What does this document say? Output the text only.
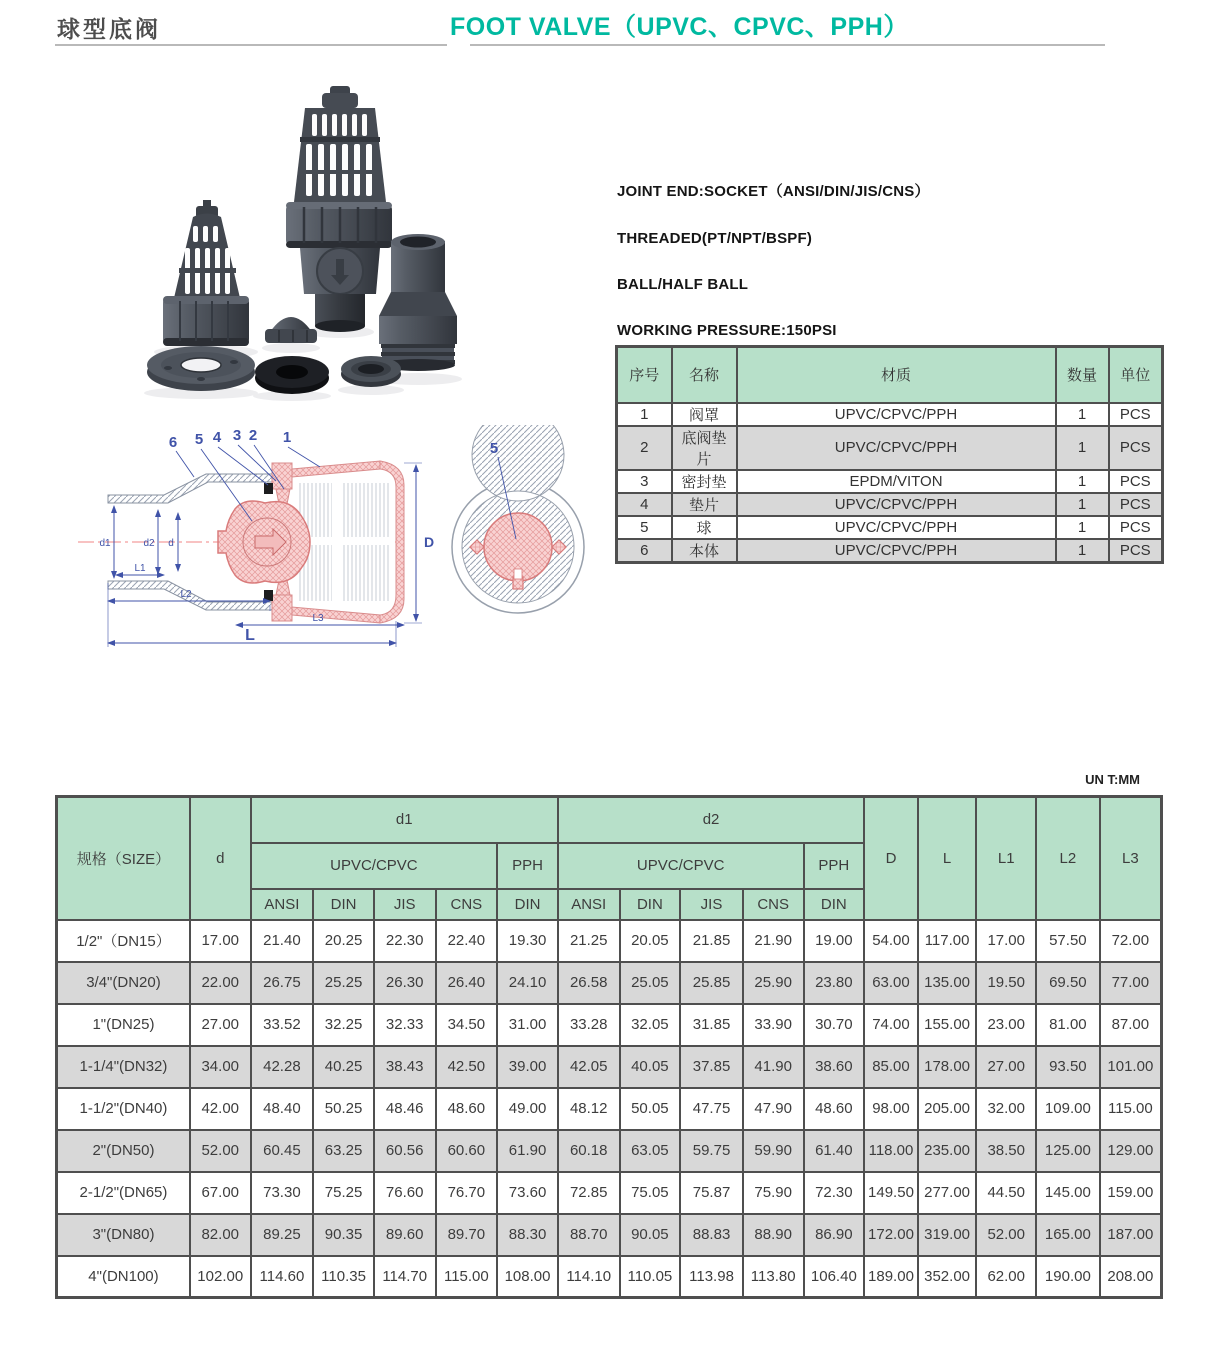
球型底阀	FOOT VALVE（UPVC、CPVC、PPH）
6 5 4 3 2 1
d1	d2 d
L1
L2
L3
L
D
5
JOINT END:SOCKET（ANSI/DIN/JIS/CNS）
THREADED(PT/NPT/BSPF)
BALL/HALF BALL
WORKING PRESSURE:150PSI
序号	名称	材质	数量	单位
1	阀罩	UPVC/CPVC/PPH	1	PCS
2	底阀垫片	UPVC/CPVC/PPH	1	PCS
3	密封垫	EPDM/VITON	1	PCS
4	垫片	UPVC/CPVC/PPH	1	PCS
5	球	UPVC/CPVC/PPH	1	PCS
6	本体	UPVC/CPVC/PPH	1	PCS
UN T:MM
规格（SIZE）	d	d1					d2					D	L	L1	L2	L3
		UPVC/CPVC				PPH	UPVC/CPVC				PPH					
		ANSI	DIN	JIS	CNS	DIN	ANSI	DIN	JIS	CNS	DIN					
1/2"（DN15）	17.00	21.40	20.25	22.30	22.40	19.30	21.25	20.05	21.85	21.90	19.00	54.00	117.00	17.00	57.50	72.00
3/4"(DN20)	22.00	26.75	25.25	26.30	26.40	24.10	26.58	25.05	25.85	25.90	23.80	63.00	135.00	19.50	69.50	77.00
1"(DN25)	27.00	33.52	32.25	32.33	34.50	31.00	33.28	32.05	31.85	33.90	30.70	74.00	155.00	23.00	81.00	87.00
1-1/4"(DN32)	34.00	42.28	40.25	38.43	42.50	39.00	42.05	40.05	37.85	41.90	38.60	85.00	178.00	27.00	93.50	101.00
1-1/2"(DN40)	42.00	48.40	50.25	48.46	48.60	49.00	48.12	50.05	47.75	47.90	48.60	98.00	205.00	32.00	109.00	115.00
2"(DN50)	52.00	60.45	63.25	60.56	60.60	61.90	60.18	63.05	59.75	59.90	61.40	118.00	235.00	38.50	125.00	129.00
2-1/2"(DN65)	67.00	73.30	75.25	76.60	76.70	73.60	72.85	75.05	75.87	75.90	72.30	149.50	277.00	44.50	145.00	159.00
3"(DN80)	82.00	89.25	90.35	89.60	89.70	88.30	88.70	90.05	88.83	88.90	86.90	172.00	319.00	52.00	165.00	187.00
4"(DN100)	102.00	114.60	110.35	114.70	115.00	108.00	114.10	110.05	113.98	113.80	106.40	189.00	352.00	62.00	190.00	208.00
